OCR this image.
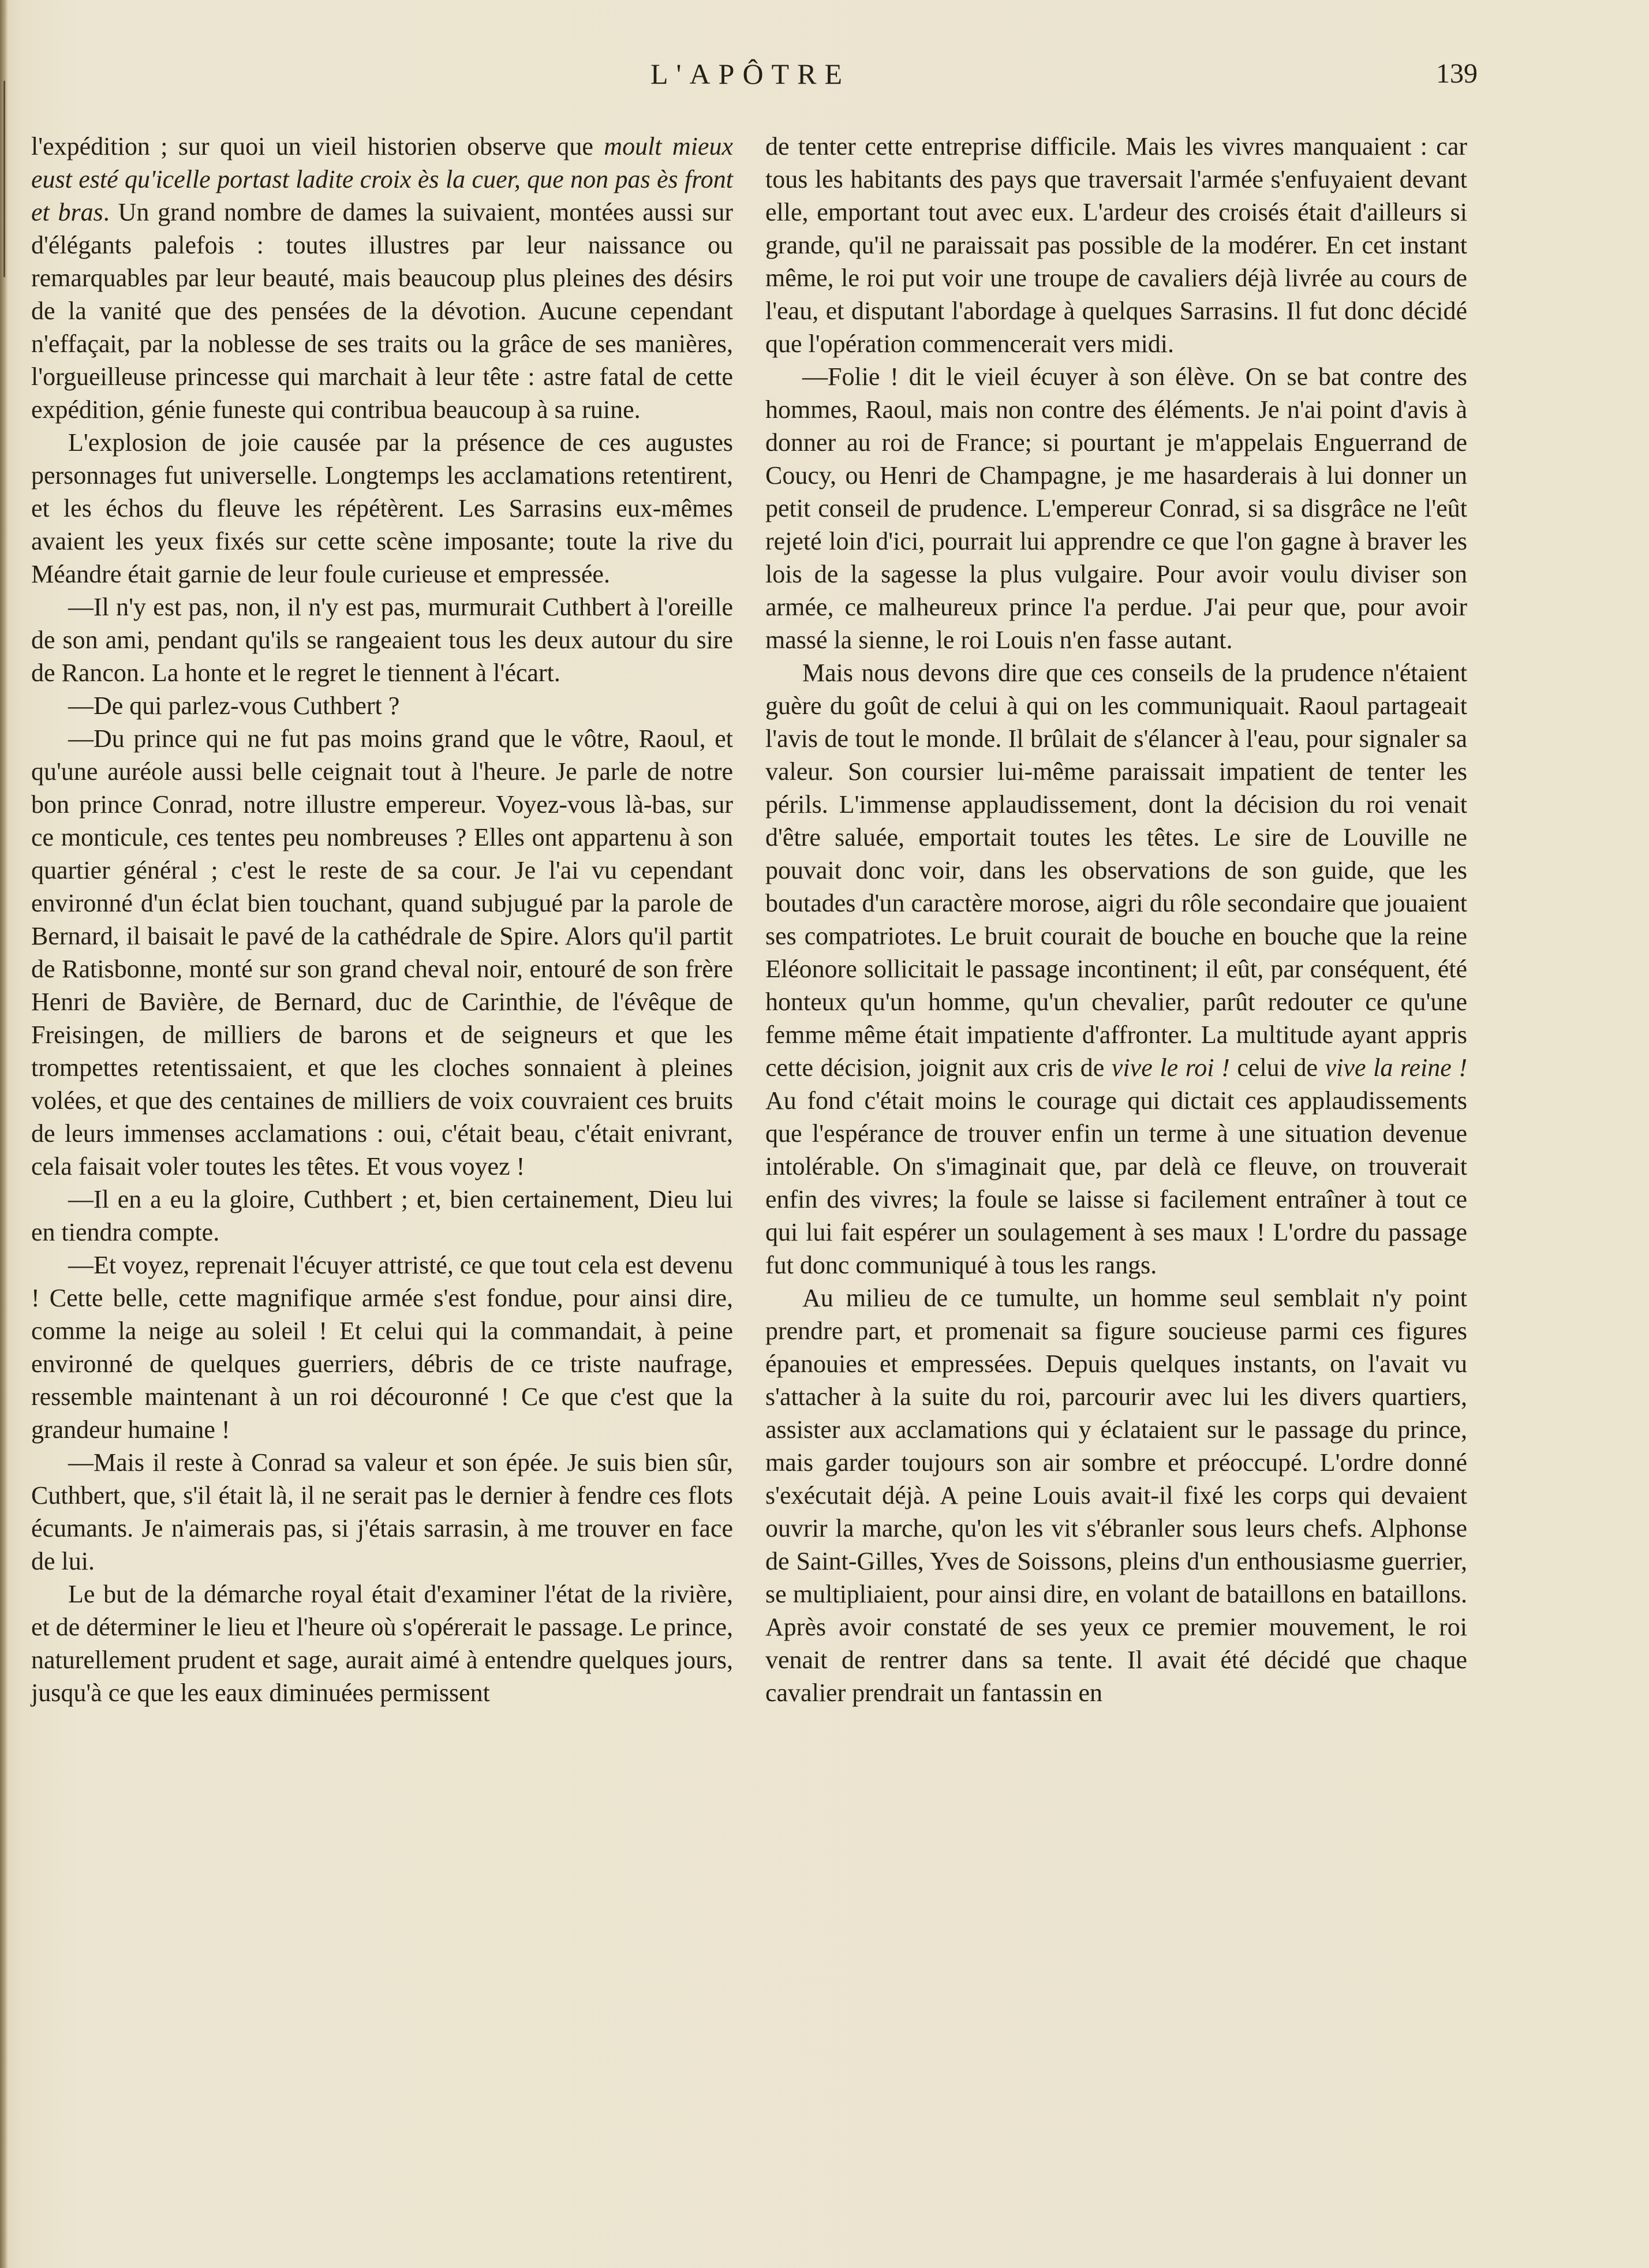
L'APÔTRE	139

l'expédition ; sur quoi un vieil historien observe que moult mieux eust esté qu'icelle portast ladite croix ès la cuer, que non pas ès front et bras. Un grand nombre de dames la suivaient, montées aussi sur d'élégants palefois : toutes illustres par leur naissance ou remarquables par leur beauté, mais beaucoup plus pleines des désirs de la vanité que des pensées de la dévotion. Aucune cependant n'effaçait, par la noblesse de ses traits ou la grâce de ses manières, l'orgueilleuse princesse qui marchait à leur tête : astre fatal de cette expédition, génie funeste qui contribua beaucoup à sa ruine.

L'explosion de joie causée par la présence de ces augustes personnages fut universelle. Longtemps les acclamations retentirent, et les échos du fleuve les répétèrent. Les Sarrasins eux-mêmes avaient les yeux fixés sur cette scène imposante; toute la rive du Méandre était garnie de leur foule curieuse et empressée.

—Il n'y est pas, non, il n'y est pas, murmurait Cuthbert à l'oreille de son ami, pendant qu'ils se rangeaient tous les deux autour du sire de Rancon. La honte et le regret le tiennent à l'écart.

—De qui parlez-vous Cuthbert ?

—Du prince qui ne fut pas moins grand que le vôtre, Raoul, et qu'une auréole aussi belle ceignait tout à l'heure. Je parle de notre bon prince Conrad, notre illustre empereur. Voyez-vous là-bas, sur ce monticule, ces tentes peu nombreuses ? Elles ont appartenu à son quartier général ; c'est le reste de sa cour. Je l'ai vu cependant environné d'un éclat bien touchant, quand subjugué par la parole de Bernard, il baisait le pavé de la cathédrale de Spire. Alors qu'il partit de Ratisbonne, monté sur son grand cheval noir, entouré de son frère Henri de Bavière, de Bernard, duc de Carinthie, de l'évêque de Freisingen, de milliers de barons et de seigneurs et que les trompettes retentissaient, et que les cloches sonnaient à pleines volées, et que des centaines de milliers de voix couvraient ces bruits de leurs immenses acclamations : oui, c'était beau, c'était enivrant, cela faisait voler toutes les têtes. Et vous voyez !

—Il en a eu la gloire, Cuthbert ; et, bien certainement, Dieu lui en tiendra compte.

—Et voyez, reprenait l'écuyer attristé, ce que tout cela est devenu ! Cette belle, cette magnifique armée s'est fondue, pour ainsi dire, comme la neige au soleil ! Et celui qui la commandait, à peine environné de quelques guerriers, débris de ce triste naufrage, ressemble maintenant à un roi découronné ! Ce que c'est que la grandeur humaine !

—Mais il reste à Conrad sa valeur et son épée. Je suis bien sûr, Cuthbert, que, s'il était là, il ne serait pas le dernier à fendre ces flots écumants. Je n'aimerais pas, si j'étais sarrasin, à me trouver en face de lui.

Le but de la démarche royal était d'examiner l'état de la rivière, et de déterminer le lieu et l'heure où s'opérerait le passage. Le prince, naturellement prudent et sage, aurait aimé à entendre quelques jours, jusqu'à ce que les eaux diminuées permissent

de tenter cette entreprise difficile. Mais les vivres manquaient : car tous les habitants des pays que traversait l'armée s'enfuyaient devant elle, emportant tout avec eux. L'ardeur des croisés était d'ailleurs si grande, qu'il ne paraissait pas possible de la modérer. En cet instant même, le roi put voir une troupe de cavaliers déjà livrée au cours de l'eau, et disputant l'abordage à quelques Sarrasins. Il fut donc décidé que l'opération commencerait vers midi.

—Folie ! dit le vieil écuyer à son élève. On se bat contre des hommes, Raoul, mais non contre des éléments. Je n'ai point d'avis à donner au roi de France; si pourtant je m'appelais Enguerrand de Coucy, ou Henri de Champagne, je me hasarderais à lui donner un petit conseil de prudence. L'empereur Conrad, si sa disgrâce ne l'eût rejeté loin d'ici, pourrait lui apprendre ce que l'on gagne à braver les lois de la sagesse la plus vulgaire. Pour avoir voulu diviser son armée, ce malheureux prince l'a perdue. J'ai peur que, pour avoir massé la sienne, le roi Louis n'en fasse autant.

Mais nous devons dire que ces conseils de la prudence n'étaient guère du goût de celui à qui on les communiquait. Raoul partageait l'avis de tout le monde. Il brûlait de s'élancer à l'eau, pour signaler sa valeur. Son coursier lui-même paraissait impatient de tenter les périls. L'immense applaudissement, dont la décision du roi venait d'être saluée, emportait toutes les têtes. Le sire de Louville ne pouvait donc voir, dans les observations de son guide, que les boutades d'un caractère morose, aigri du rôle secondaire que jouaient ses compatriotes. Le bruit courait de bouche en bouche que la reine Eléonore sollicitait le passage incontinent; il eût, par conséquent, été honteux qu'un homme, qu'un chevalier, parût redouter ce qu'une femme même était impatiente d'affronter. La multitude ayant appris cette décision, joignit aux cris de vive le roi ! celui de vive la reine ! Au fond c'était moins le courage qui dictait ces applaudissements que l'espérance de trouver enfin un terme à une situation devenue intolérable. On s'imaginait que, par delà ce fleuve, on trouverait enfin des vivres; la foule se laisse si facilement entraîner à tout ce qui lui fait espérer un soulagement à ses maux ! L'ordre du passage fut donc communiqué à tous les rangs.

Au milieu de ce tumulte, un homme seul semblait n'y point prendre part, et promenait sa figure soucieuse parmi ces figures épanouies et empressées. Depuis quelques instants, on l'avait vu s'attacher à la suite du roi, parcourir avec lui les divers quartiers, assister aux acclamations qui y éclataient sur le passage du prince, mais garder toujours son air sombre et préoccupé. L'ordre donné s'exécutait déjà. A peine Louis avait-il fixé les corps qui devaient ouvrir la marche, qu'on les vit s'ébranler sous leurs chefs. Alphonse de Saint-Gilles, Yves de Soissons, pleins d'un enthousiasme guerrier, se multipliaient, pour ainsi dire, en volant de bataillons en bataillons. Après avoir constaté de ses yeux ce premier mouvement, le roi venait de rentrer dans sa tente. Il avait été décidé que chaque cavalier prendrait un fantassin en
